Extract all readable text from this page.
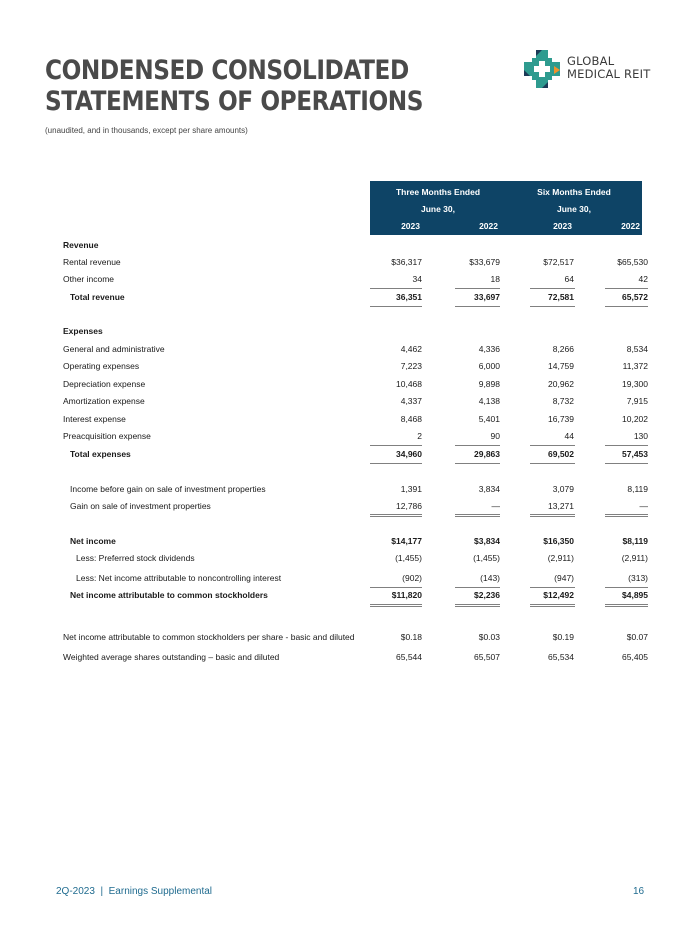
CONDENSED CONSOLIDATED
STATEMENTS OF OPERATIONS
(unaudited, and in thousands, except per share amounts)
GLOBAL
MEDICAL REIT
Three Months Ended
June 30,
Six Months Ended
June 30,
2023	2022	2023	2022
Revenue
Rental revenue	$36,317	$33,679	$72,517	$65,530
Other income	34	18	64	42
Total revenue	36,351	33,697	72,581	65,572
Expenses
General and administrative	4,462	4,336	8,266	8,534
Operating expenses	7,223	6,000	14,759	11,372
Depreciation expense	10,468	9,898	20,962	19,300
Amortization expense	4,337	4,138	8,732	7,915
Interest expense	8,468	5,401	16,739	10,202
Preacquisition expense	2	90	44	130
Total expenses	34,960	29,863	69,502	57,453
Income before gain on sale of investment properties	1,391	3,834	3,079	8,119
Gain on sale of investment properties	12,786	—	13,271	—
Net income	$14,177	$3,834	$16,350	$8,119
Less: Preferred stock dividends	(1,455)	(1,455)	(2,911)	(2,911)
Less: Net income attributable to noncontrolling interest	(902)	(143)	(947)	(313)
Net income attributable to common stockholders	$11,820	$2,236	$12,492	$4,895
Net income attributable to common stockholders per share - basic and diluted	$0.18	$0.03	$0.19	$0.07
Weighted average shares outstanding – basic and diluted	65,544	65,507	65,534	65,405
2Q-2023  |  Earnings Supplemental	16
